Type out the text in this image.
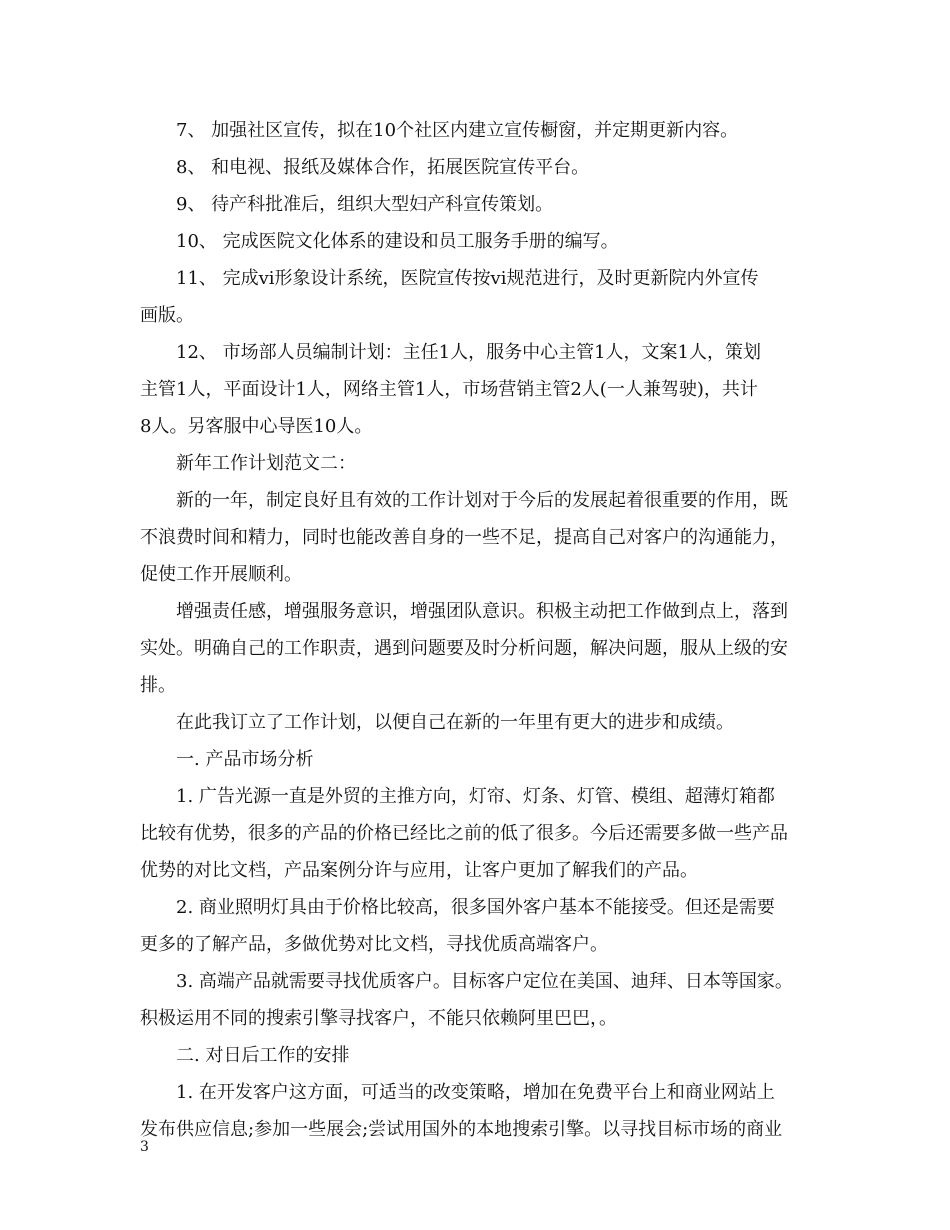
7、 加强社区宣传，拟在10个社区内建立宣传橱窗，并定期更新内容。
8、 和电视、报纸及媒体合作，拓展医院宣传平台。
9、 待产科批准后，组织大型妇产科宣传策划。
10、 完成医院文化体系的建设和员工服务手册的编写。
11、 完成vi形象设计系统，医院宣传按vi规范进行，及时更新院内外宣传
画版。
12、 市场部人员编制计划：主任1人，服务中心主管1人，文案1人，策划
主管1人，平面设计1人，网络主管1人，市场营销主管2人(一人兼驾驶)，共计
8人。另客服中心导医10人。
新年工作计划范文二：
新的一年，制定良好且有效的工作计划对于今后的发展起着很重要的作用，既
不浪费时间和精力，同时也能改善自身的一些不足，提高自己对客户的沟通能力，
促使工作开展顺利。
增强责任感，增强服务意识，增强团队意识。积极主动把工作做到点上，落到
实处。明确自己的工作职责，遇到问题要及时分析问题，解决问题，服从上级的安
排。
在此我订立了工作计划，以便自己在新的一年里有更大的进步和成绩。
一. 产品市场分析
1. 广告光源一直是外贸的主推方向，灯帘、灯条、灯管、模组、超薄灯箱都
比较有优势，很多的产品的价格已经比之前的低了很多。今后还需要多做一些产品
优势的对比文档，产品案例分许与应用，让客户更加了解我们的产品。
2. 商业照明灯具由于价格比较高，很多国外客户基本不能接受。但还是需要
更多的了解产品，多做优势对比文档，寻找优质高端客户。
3. 高端产品就需要寻找优质客户。目标客户定位在美国、迪拜、日本等国家。
积极运用不同的搜索引擎寻找客户，不能只依赖阿里巴巴，。
二. 对日后工作的安排
1. 在开发客户这方面，可适当的改变策略，增加在免费平台上和商业网站上
发布供应信息;参加一些展会;尝试用国外的本地搜索引擎。以寻找目标市场的商业
3
